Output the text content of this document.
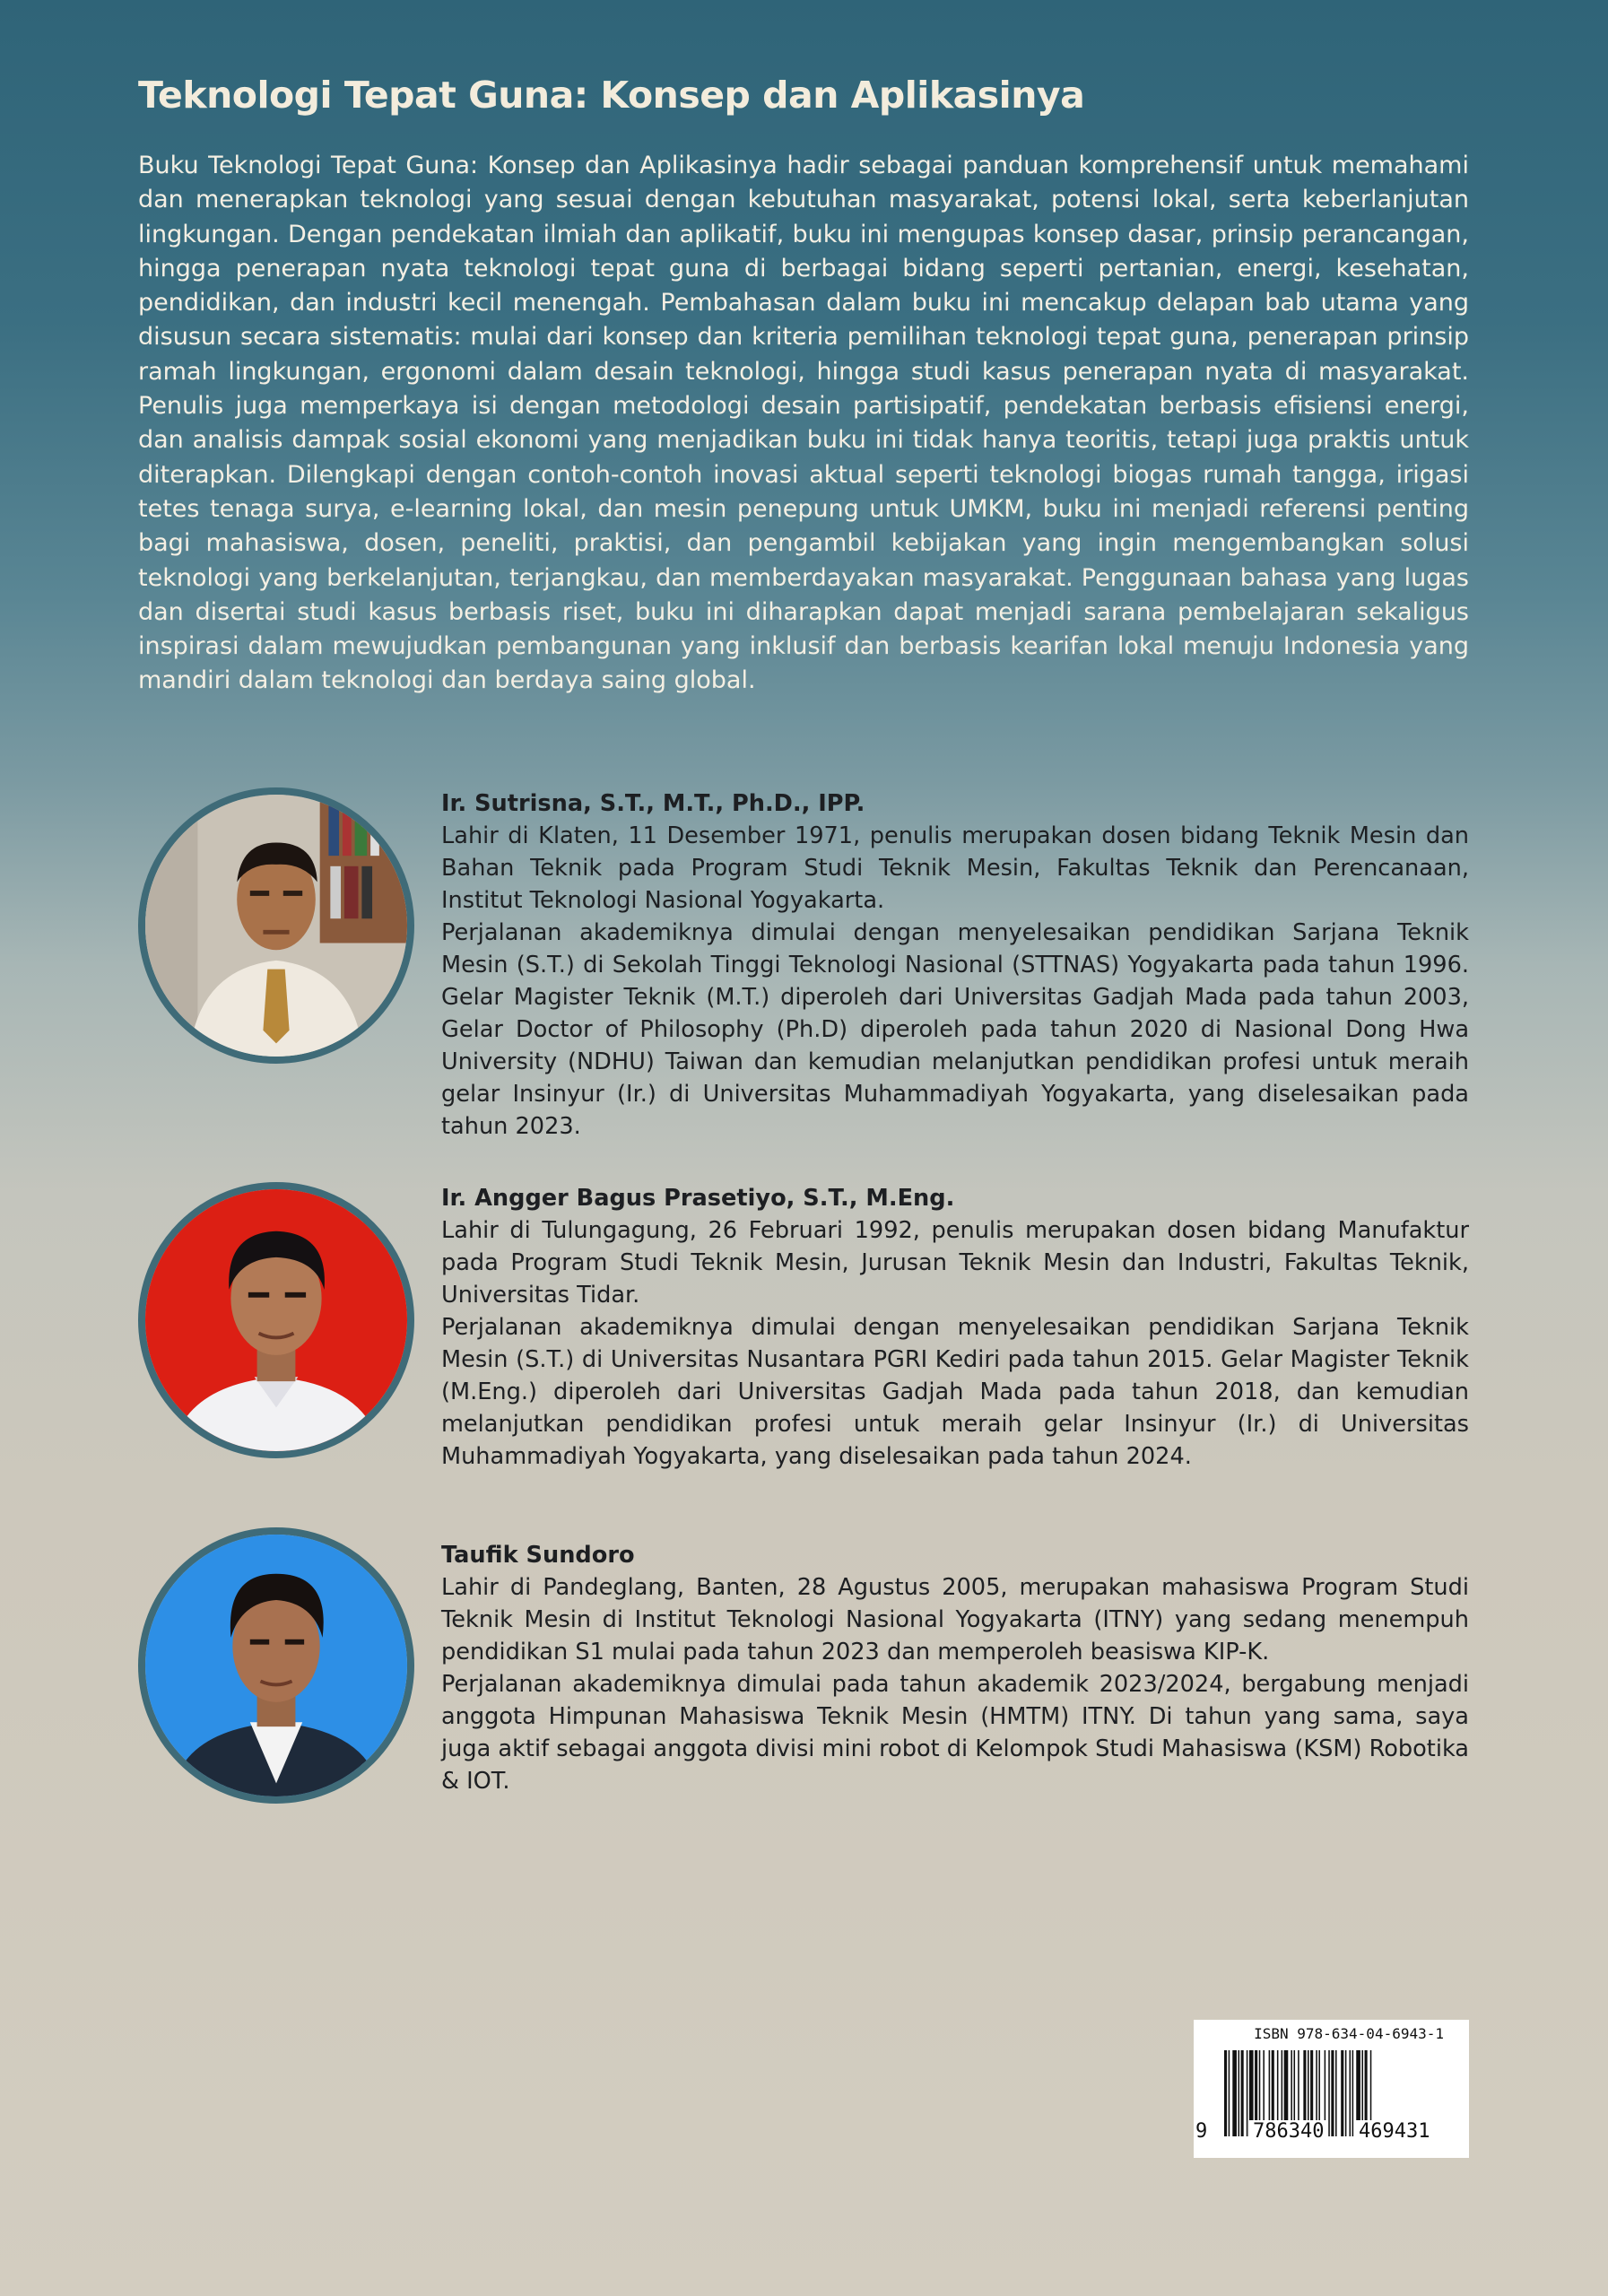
Teknologi Tepat Guna: Konsep dan Aplikasinya

Buku Teknologi Tepat Guna: Konsep dan Aplikasinya hadir sebagai panduan komprehensif untuk memahami dan menerapkan teknologi yang sesuai dengan kebutuhan masyarakat, potensi lokal, serta keberlanjutan lingkungan. Dengan pendekatan ilmiah dan aplikatif, buku ini mengupas konsep dasar, prinsip perancangan, hingga penerapan nyata teknologi tepat guna di berbagai bidang seperti pertanian, energi, kesehatan, pendidikan, dan industri kecil menengah. Pembahasan dalam buku ini mencakup delapan bab utama yang disusun secara sistematis: mulai dari konsep dan kriteria pemilihan teknologi tepat guna, penerapan prinsip ramah lingkungan, ergonomi dalam desain teknologi, hingga studi kasus penerapan nyata di masyarakat. Penulis juga memperkaya isi dengan metodologi desain partisipatif, pendekatan berbasis efisiensi energi, dan analisis dampak sosial ekonomi yang menjadikan buku ini tidak hanya teoritis, tetapi juga praktis untuk diterapkan. Dilengkapi dengan contoh-contoh inovasi aktual seperti teknologi biogas rumah tangga, irigasi tetes tenaga surya, e-learning lokal, dan mesin penepung untuk UMKM, buku ini menjadi referensi penting bagi mahasiswa, dosen, peneliti, praktisi, dan pengambil kebijakan yang ingin mengembangkan solusi teknologi yang berkelanjutan, terjangkau, dan memberdayakan masyarakat. Penggunaan bahasa yang lugas dan disertai studi kasus berbasis riset, buku ini diharapkan dapat menjadi sarana pembelajaran sekaligus inspirasi dalam mewujudkan pembangunan yang inklusif dan berbasis kearifan lokal menuju Indonesia yang mandiri dalam teknologi dan berdaya saing global.

Ir. Sutrisna, S.T., M.T., Ph.D., IPP.

Lahir di Klaten, 11 Desember 1971, penulis merupakan dosen bidang Teknik Mesin dan Bahan Teknik pada Program Studi Teknik Mesin, Fakultas Teknik dan Perencanaan, Institut Teknologi Nasional Yogyakarta.

Perjalanan akademiknya dimulai dengan menyelesaikan pendidikan Sarjana Teknik Mesin (S.T.) di Sekolah Tinggi Teknologi Nasional (STTNAS) Yogyakarta pada tahun 1996. Gelar Magister Teknik (M.T.) diperoleh dari Universitas Gadjah Mada pada tahun 2003, Gelar Doctor of Philosophy (Ph.D) diperoleh pada tahun 2020 di Nasional Dong Hwa University (NDHU) Taiwan dan kemudian melanjutkan pendidikan profesi untuk meraih gelar Insinyur (Ir.) di Universitas Muhammadiyah Yogyakarta, yang diselesaikan pada tahun 2023.

Ir. Angger Bagus Prasetiyo, S.T., M.Eng.

Lahir di Tulungagung, 26 Februari 1992, penulis merupakan dosen bidang Manufaktur pada Program Studi Teknik Mesin, Jurusan Teknik Mesin dan Industri, Fakultas Teknik, Universitas Tidar.

Perjalanan akademiknya dimulai dengan menyelesaikan pendidikan Sarjana Teknik Mesin (S.T.) di Universitas Nusantara PGRI Kediri pada tahun 2015. Gelar Magister Teknik (M.Eng.) diperoleh dari Universitas Gadjah Mada pada tahun 2018, dan kemudian melanjutkan pendidikan profesi untuk meraih gelar Insinyur (Ir.) di Universitas Muhammadiyah Yogyakarta, yang diselesaikan pada tahun 2024.

Taufik Sundoro

Lahir di Pandeglang, Banten, 28 Agustus 2005, merupakan mahasiswa Program Studi Teknik Mesin di Institut Teknologi Nasional Yogyakarta (ITNY) yang sedang menempuh pendidikan S1 mulai pada tahun 2023 dan memperoleh beasiswa KIP-K.

Perjalanan akademiknya dimulai pada tahun akademik 2023/2024, bergabung menjadi anggota Himpunan Mahasiswa Teknik Mesin (HMTM) ITNY. Di tahun yang sama, saya juga aktif sebagai anggota divisi mini robot di Kelompok Studi Mahasiswa (KSM) Robotika & IOT.

ISBN 978-634-04-6943-1
9 786340 469431
